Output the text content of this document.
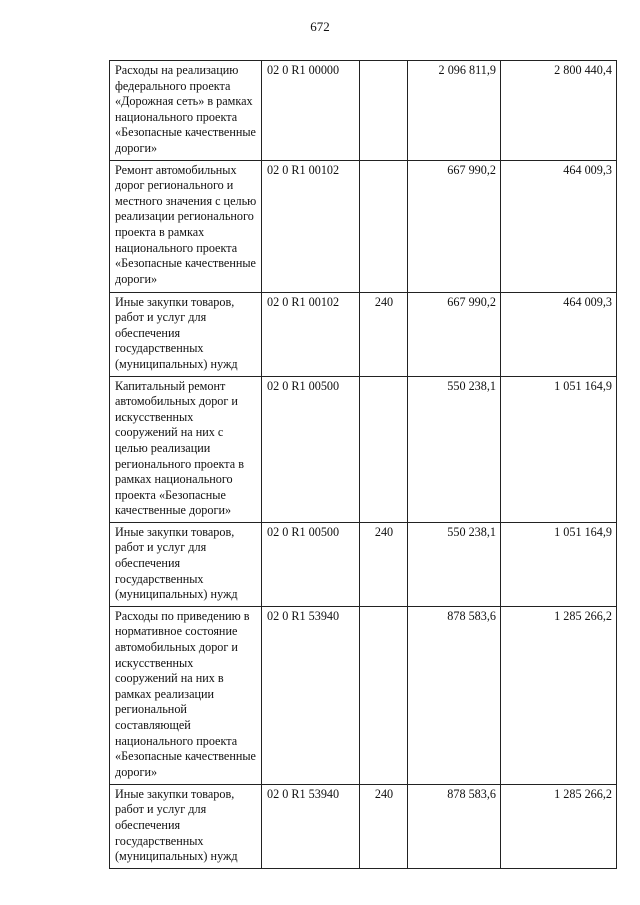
672
Расходы на реализацию федерального проекта «Дорожная сеть» в рамках национального проекта «Безопасные качественные дороги»	02 0 R1 00000		2 096 811,9	2 800 440,4
Ремонт автомобильных дорог регионального и местного значения с целью реализации регионального проекта в рамках национального проекта «Безопасные качественные дороги»	02 0 R1 00102		667 990,2	464 009,3
Иные закупки товаров, работ и услуг для обеспечения государственных (муниципальных) нужд	02 0 R1 00102	240	667 990,2	464 009,3
Капитальный ремонт автомобильных дорог и искусственных сооружений на них с целью реализации регионального проекта в рамках национального проекта «Безопасные качественные дороги»	02 0 R1 00500		550 238,1	1 051 164,9
Иные закупки товаров, работ и услуг для обеспечения государственных (муниципальных) нужд	02 0 R1 00500	240	550 238,1	1 051 164,9
Расходы по приведению в нормативное состояние автомобильных дорог и искусственных сооружений на них в рамках реализации региональной составляющей национального проекта «Безопасные качественные дороги»	02 0 R1 53940		878 583,6	1 285 266,2
Иные закупки товаров, работ и услуг для обеспечения государственных (муниципальных) нужд	02 0 R1 53940	240	878 583,6	1 285 266,2
